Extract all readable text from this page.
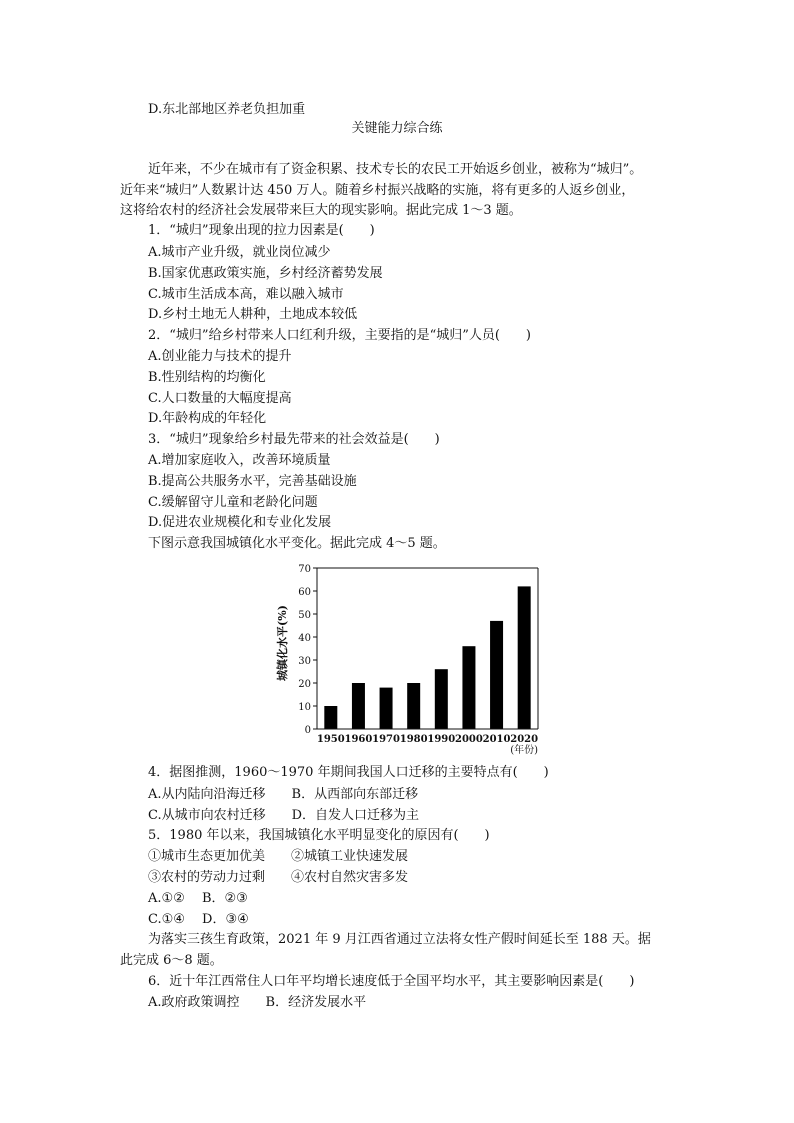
D.东北部地区养老负担加重
关键能力综合练
近年来，不少在城市有了资金积累、技术专长的农民工开始返乡创业，被称为“城归”。
近年来“城归”人数累计达 450 万人。随着乡村振兴战略的实施，将有更多的人返乡创业，
这将给农村的经济社会发展带来巨大的现实影响。据此完成 1～3 题。
1．“城归”现象出现的拉力因素是(　　)
A.城市产业升级，就业岗位减少
B.国家优惠政策实施，乡村经济蓄势发展
C.城市生活成本高，难以融入城市
D.乡村土地无人耕种，土地成本较低
2．“城归”给乡村带来人口红利升级，主要指的是“城归”人员(　　)
A.创业能力与技术的提升
B.性别结构的均衡化
C.人口数量的大幅度提高
D.年龄构成的年轻化
3．“城归”现象给乡村最先带来的社会效益是(　　)
A.增加家庭收入，改善环境质量
B.提高公共服务水平，完善基础设施
C.缓解留守儿童和老龄化问题
D.促进农业规模化和专业化发展
下图示意我国城镇化水平变化。据此完成 4～5 题。
0
10
20
30
40
50
60
70
1950 1960 1970 1980 1990 2000 2010 2020
城镇化水平(%)
(年份)
4．据图推测，1960～1970 年期间我国人口迁移的主要特点有(　　)
A.从内陆向沿海迁移　　B．从西部向东部迁移
C.从城市向农村迁移　　D．自发人口迁移为主
5．1980 年以来，我国城镇化水平明显变化的原因有(　　)
①城市生态更加优美　　②城镇工业快速发展
③农村的劳动力过剩　　④农村自然灾害多发
A.①②　 B．②③
C.①④　 D．③④
为落实三孩生育政策，2021 年 9 月江西省通过立法将女性产假时间延长至 188 天。据
此完成 6～8 题。
6．近十年江西常住人口年平均增长速度低于全国平均水平，其主要影响因素是(　　)
A.政府政策调控　　B．经济发展水平
